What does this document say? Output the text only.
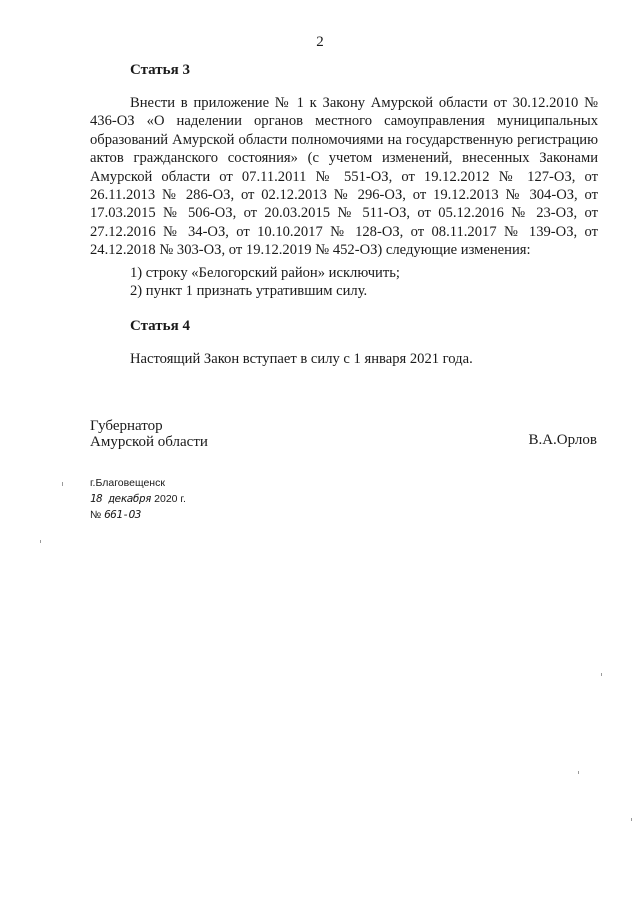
2
Статья 3

Внести в приложение № 1 к Закону Амурской области от 30.12.2010 № 436-ОЗ «О наделении органов местного самоуправления муниципальных образований Амурской области полномочиями на государственную регистрацию актов гражданского состояния» (с учетом изменений, внесенных Законами Амурской области от 07.11.2011 № 551-ОЗ, от 19.12.2012 № 127-ОЗ, от 26.11.2013 № 286-ОЗ, от 02.12.2013 № 296-ОЗ, от 19.12.2013 № 304-ОЗ, от 17.03.2015 № 506-ОЗ, от 20.03.2015 № 511-ОЗ, от 05.12.2016 № 23-ОЗ, от 27.12.2016 № 34-ОЗ, от 10.10.2017 № 128-ОЗ, от 08.11.2017 № 139-ОЗ, от 24.12.2018 № 303-ОЗ, от 19.12.2019 № 452-ОЗ) следующие изменения:

1) строку «Белогорский район» исключить;
2) пункт 1 признать утратившим силу.
Статья 4

Настоящий Закон вступает в силу с 1 января 2021 года.

Губернатор
Амурской области	В.А.Орлов
г.Благовещенск
18 декабря 2020 г.
№ 661-ОЗ
